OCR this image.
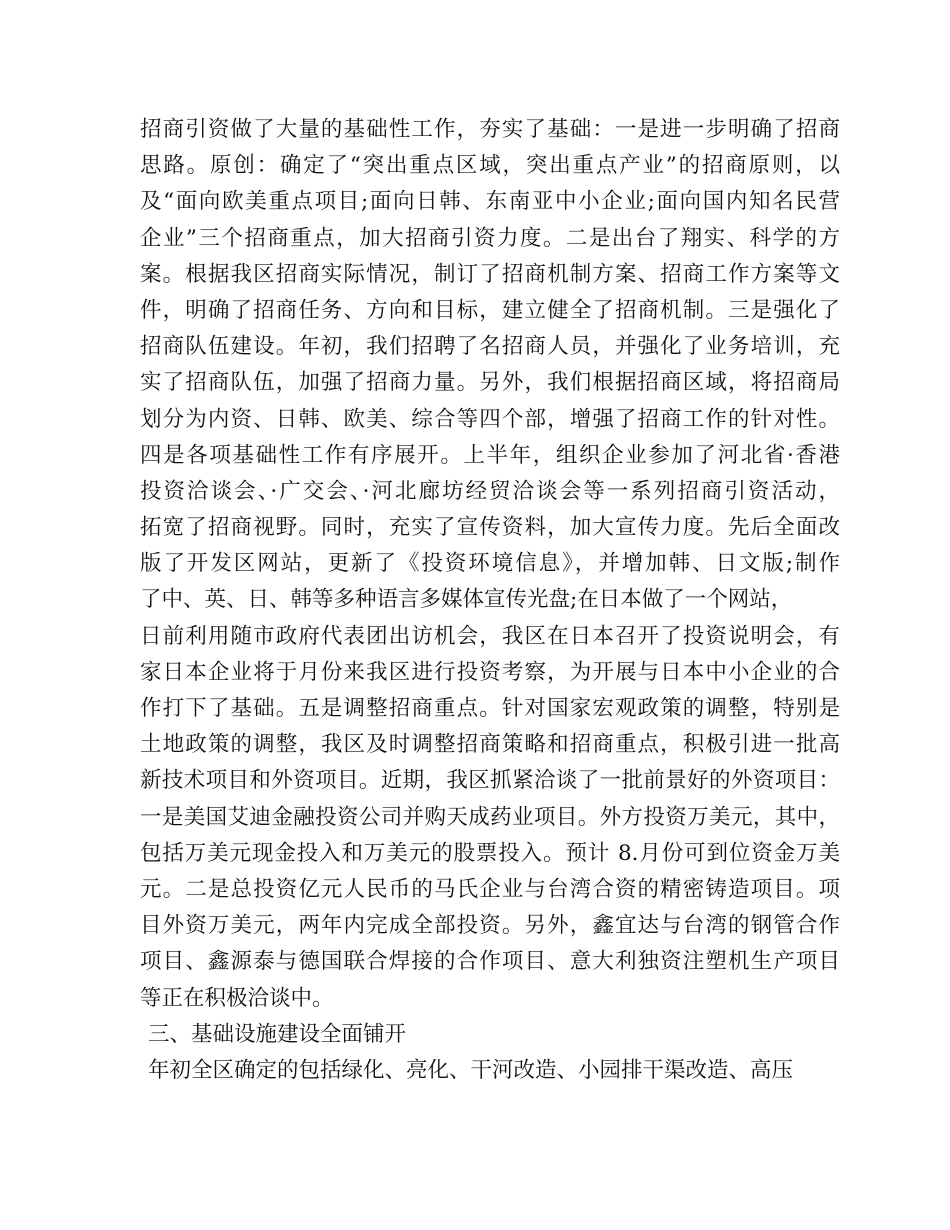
招商引资做了大量的基础性工作，夯实了基础：一是进一步明确了招商
思路。原创：确定了“突出重点区域，突出重点产业”的招商原则，以
及“面向欧美重点项目;面向日韩、东南亚中小企业;面向国内知名民营
企业”三个招商重点，加大招商引资力度。二是出台了翔实、科学的方
案。根据我区招商实际情况，制订了招商机制方案、招商工作方案等文
件，明确了招商任务、方向和目标，建立健全了招商机制。三是强化了
招商队伍建设。年初，我们招聘了名招商人员，并强化了业务培训，充
实了招商队伍，加强了招商力量。另外，我们根据招商区域，将招商局
划分为内资、日韩、欧美、综合等四个部，增强了招商工作的针对性。
四是各项基础性工作有序展开。上半年，组织企业参加了河北省·香港
投资洽谈会、·广交会、·河北廊坊经贸洽谈会等一系列招商引资活动，
拓宽了招商视野。同时，充实了宣传资料，加大宣传力度。先后全面改
版了开发区网站，更新了《投资环境信息》，并增加韩、日文版;制作
了中、英、日、韩等多种语言多媒体宣传光盘;在日本做了一个网站，
日前利用随市政府代表团出访机会，我区在日本召开了投资说明会，有
家日本企业将于月份来我区进行投资考察，为开展与日本中小企业的合
作打下了基础。五是调整招商重点。针对国家宏观政策的调整，特别是
土地政策的调整，我区及时调整招商策略和招商重点，积极引进一批高
新技术项目和外资项目。近期，我区抓紧洽谈了一批前景好的外资项目：
一是美国艾迪金融投资公司并购天成药业项目。外方投资万美元，其中，
包括万美元现金投入和万美元的股票投入。预计 8.月份可到位资金万美
元。二是总投资亿元人民币的马氏企业与台湾合资的精密铸造项目。项
目外资万美元，两年内完成全部投资。另外，鑫宜达与台湾的钢管合作
项目、鑫源泰与德国联合焊接的合作项目、意大利独资注塑机生产项目
等正在积极洽谈中。
三、基础设施建设全面铺开
年初全区确定的包括绿化、亮化、干河改造、小园排干渠改造、高压
